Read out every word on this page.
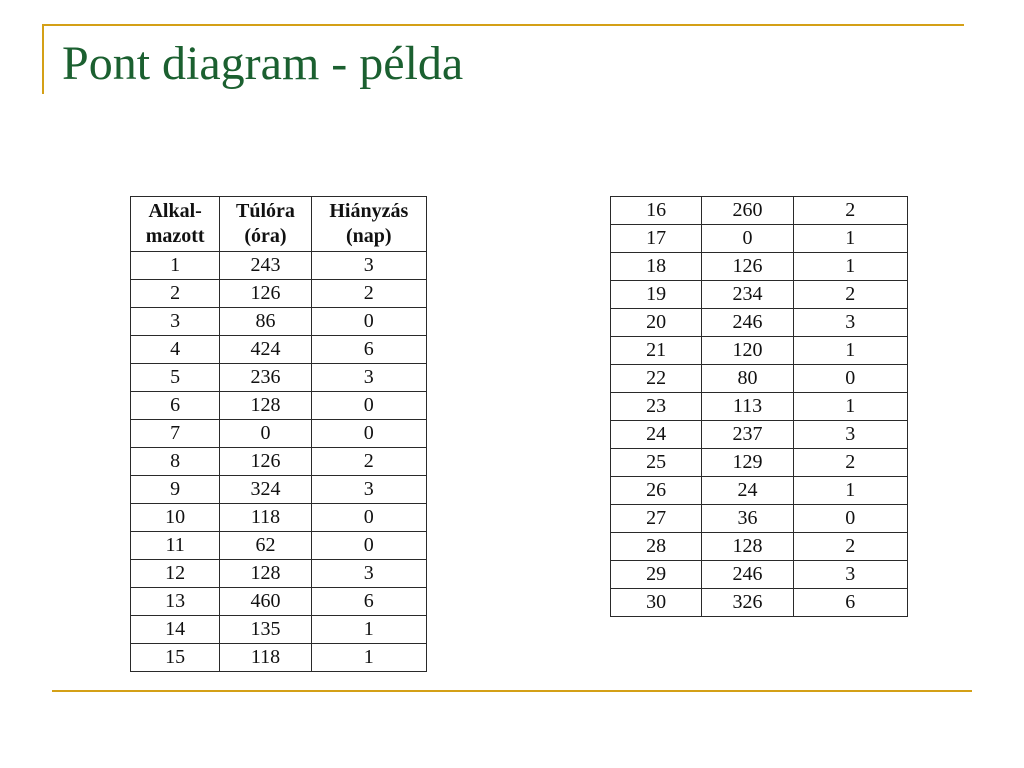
Pont diagram - példa
Alkal-mazott	Túlóra (óra)	Hiányzás (nap)
1	243	3
2	126	2
3	86	0
4	424	6
5	236	3
6	128	0
7	0	0
8	126	2
9	324	3
10	118	0
11	62	0
12	128	3
13	460	6
14	135	1
15	118	1
16	260	2
17	0	1
18	126	1
19	234	2
20	246	3
21	120	1
22	80	0
23	113	1
24	237	3
25	129	2
26	24	1
27	36	0
28	128	2
29	246	3
30	326	6
